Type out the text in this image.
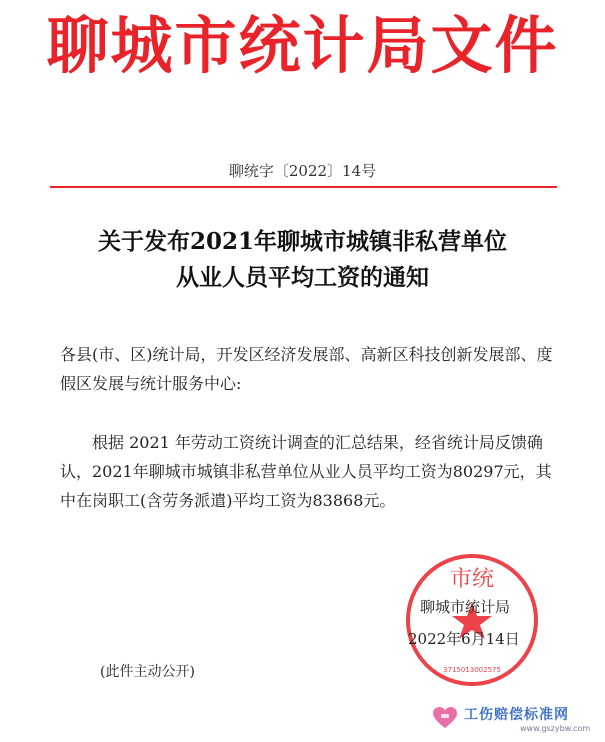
聊城市统计局文件
聊统字〔2022〕14号
关于发布2021年聊城市城镇非私营单位
从业人员平均工资的通知
各县(市、区)统计局，开发区经济发展部、高新区科技创新发展部、度假区发展与统计服务中心:
根据 2021 年劳动工资统计调查的汇总结果，经省统计局反馈确认，2021年聊城市城镇非私营单位从业人员平均工资为80297元，其中在岗职工(含劳务派遣)平均工资为83868元。
市统
3715013002575
聊城市统计局
2022年6月14日
(此件主动公开)
工伤赔偿标准网
www.gszybw.com
